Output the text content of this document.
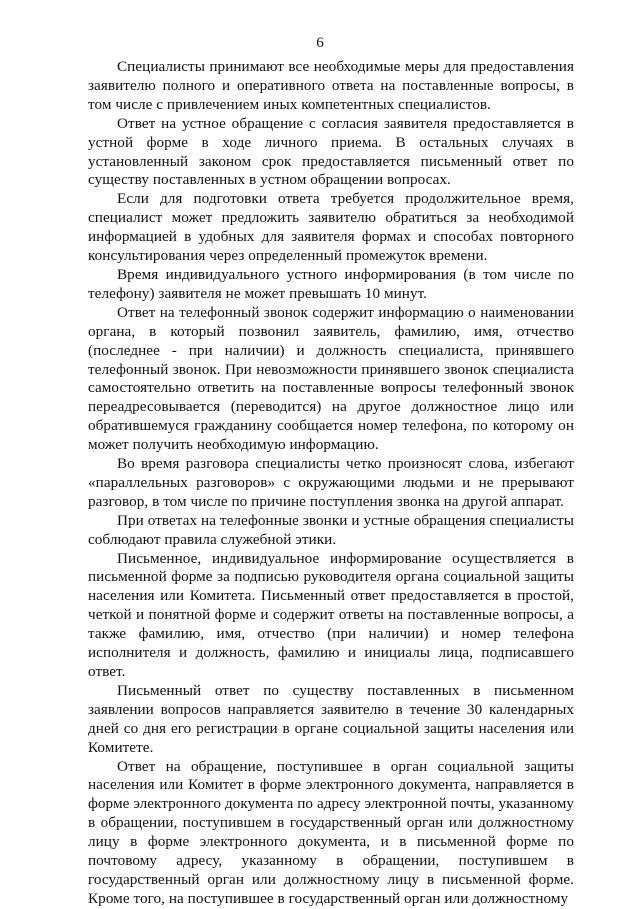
6

Специалисты принимают все необходимые меры для предоставления заявителю полного и оперативного ответа на поставленные вопросы, в том числе с привлечением иных компетентных специалистов.

Ответ на устное обращение с согласия заявителя предоставляется в устной форме в ходе личного приема. В остальных случаях в установленный законом срок предоставляется письменный ответ по существу поставленных в устном обращении вопросах.

Если для подготовки ответа требуется продолжительное время, специалист может предложить заявителю обратиться за необходимой информацией в удобных для заявителя формах и способах повторного консультирования через определенный промежуток времени.

Время индивидуального устного информирования (в том числе по телефону) заявителя не может превышать 10 минут.

Ответ на телефонный звонок содержит информацию о наименовании органа, в который позвонил заявитель, фамилию, имя, отчество (последнее - при наличии) и должность специалиста, принявшего телефонный звонок. При невозможности принявшего звонок специалиста самостоятельно ответить на поставленные вопросы телефонный звонок переадресовывается (переводится) на другое должностное лицо или обратившемуся гражданину сообщается номер телефона, по которому он может получить необходимую информацию.

Во время разговора специалисты четко произносят слова, избегают «параллельных разговоров» с окружающими людьми и не прерывают разговор, в том числе по причине поступления звонка на другой аппарат.

При ответах на телефонные звонки и устные обращения специалисты соблюдают правила служебной этики.

Письменное, индивидуальное информирование осуществляется в письменной форме за подписью руководителя органа социальной защиты населения или Комитета. Письменный ответ предоставляется в простой, четкой и понятной форме и содержит ответы на поставленные вопросы, а также фамилию, имя, отчество (при наличии) и номер телефона исполнителя и должность, фамилию и инициалы лица, подписавшего ответ.

Письменный ответ по существу поставленных в письменном заявлении вопросов направляется заявителю в течение 30 календарных дней со дня его регистрации в органе социальной защиты населения или Комитете.

Ответ на обращение, поступившее в орган социальной защиты населения или Комитет в форме электронного документа, направляется в форме электронного документа по адресу электронной почты, указанному в обращении, поступившем в государственный орган или должностному лицу в форме электронного документа, и в письменной форме по почтовому адресу, указанному в обращении, поступившем в государственный орган или должностному лицу в письменной форме. Кроме того, на поступившее в государственный орган или должностному
